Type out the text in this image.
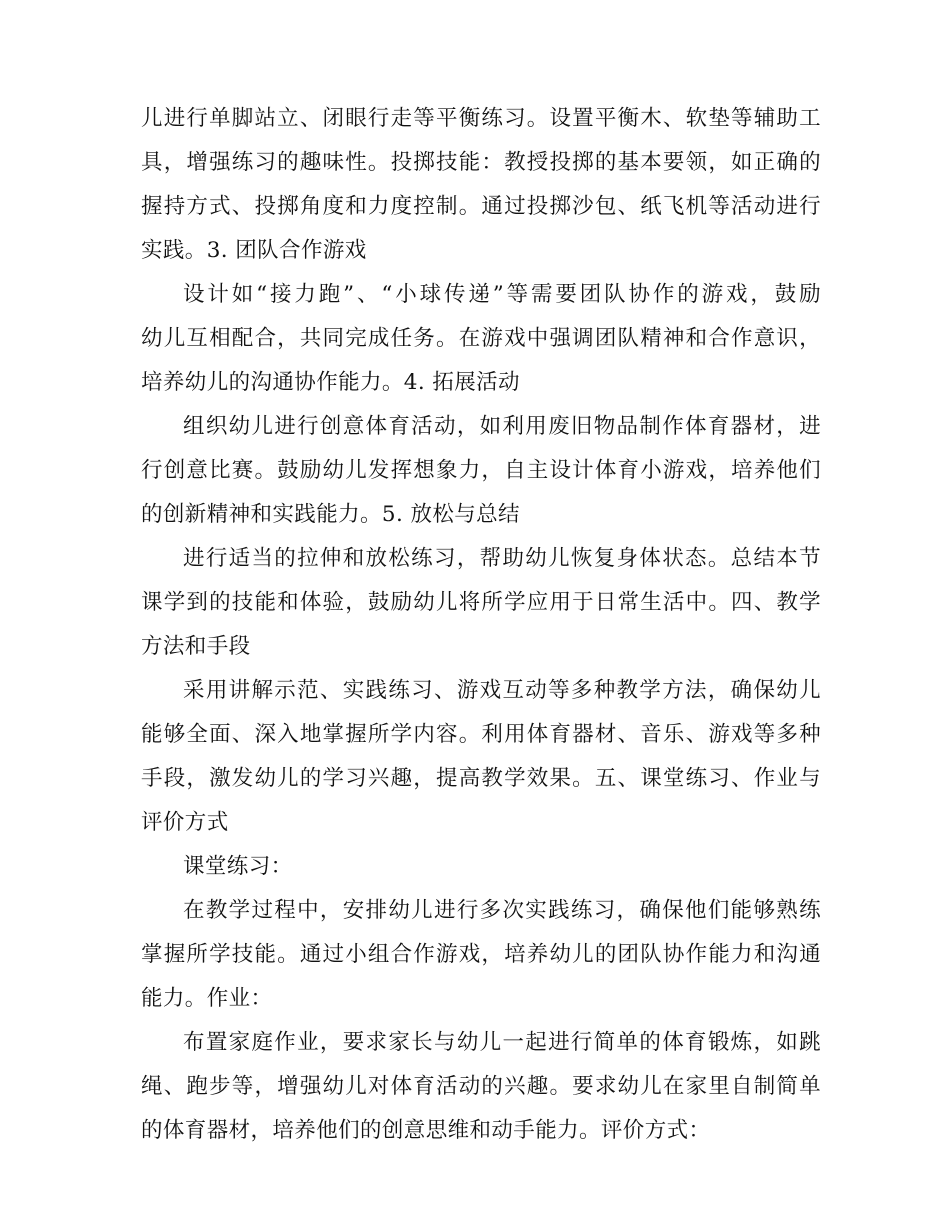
儿进行单脚站立、闭眼行走等平衡练习。设置平衡木、软垫等辅助工
具，增强练习的趣味性。投掷技能：教授投掷的基本要领，如正确的
握持方式、投掷角度和力度控制。通过投掷沙包、纸飞机等活动进行
实践。3. 团队合作游戏
设计如“接力跑”、“小球传递”等需要团队协作的游戏，鼓励
幼儿互相配合，共同完成任务。在游戏中强调团队精神和合作意识，
培养幼儿的沟通协作能力。4. 拓展活动
组织幼儿进行创意体育活动，如利用废旧物品制作体育器材，进
行创意比赛。鼓励幼儿发挥想象力，自主设计体育小游戏，培养他们
的创新精神和实践能力。5. 放松与总结
进行适当的拉伸和放松练习，帮助幼儿恢复身体状态。总结本节
课学到的技能和体验，鼓励幼儿将所学应用于日常生活中。四、教学
方法和手段
采用讲解示范、实践练习、游戏互动等多种教学方法，确保幼儿
能够全面、深入地掌握所学内容。利用体育器材、音乐、游戏等多种
手段，激发幼儿的学习兴趣，提高教学效果。五、课堂练习、作业与
评价方式
课堂练习：
在教学过程中，安排幼儿进行多次实践练习，确保他们能够熟练
掌握所学技能。通过小组合作游戏，培养幼儿的团队协作能力和沟通
能力。作业：
布置家庭作业，要求家长与幼儿一起进行简单的体育锻炼，如跳
绳、跑步等，增强幼儿对体育活动的兴趣。要求幼儿在家里自制简单
的体育器材，培养他们的创意思维和动手能力。评价方式：
